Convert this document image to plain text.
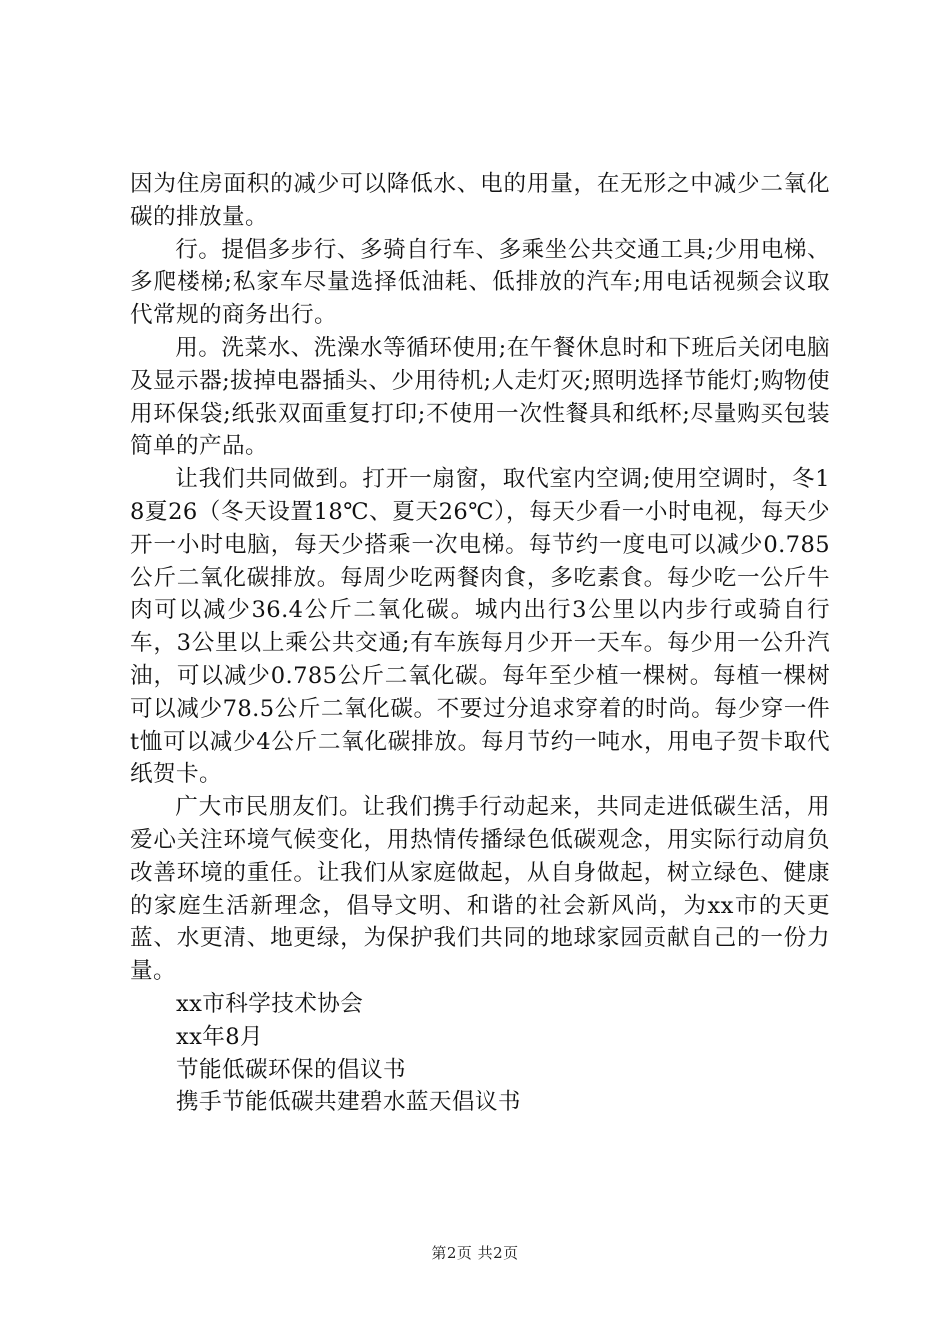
因为住房面积的减少可以降低水、电的用量，在无形之中减少二氧化碳的排放量。

行。提倡多步行、多骑自行车、多乘坐公共交通工具;少用电梯、多爬楼梯;私家车尽量选择低油耗、低排放的汽车;用电话视频会议取代常规的商务出行。

用。洗菜水、洗澡水等循环使用;在午餐休息时和下班后关闭电脑及显示器;拔掉电器插头、少用待机;人走灯灭;照明选择节能灯;购物使用环保袋;纸张双面重复打印;不使用一次性餐具和纸杯;尽量购买包装简单的产品。

让我们共同做到。打开一扇窗，取代室内空调;使用空调时，冬18夏26（冬天设置18℃、夏天26℃），每天少看一小时电视，每天少开一小时电脑，每天少搭乘一次电梯。每节约一度电可以减少0.785公斤二氧化碳排放。每周少吃两餐肉食，多吃素食。每少吃一公斤牛肉可以减少36.4公斤二氧化碳。城内出行3公里以内步行或骑自行车，3公里以上乘公共交通;有车族每月少开一天车。每少用一公升汽油，可以减少0.785公斤二氧化碳。每年至少植一棵树。每植一棵树可以减少78.5公斤二氧化碳。不要过分追求穿着的时尚。每少穿一件t恤可以减少4公斤二氧化碳排放。每月节约一吨水，用电子贺卡取代纸贺卡。

广大市民朋友们。让我们携手行动起来，共同走进低碳生活，用爱心关注环境气候变化，用热情传播绿色低碳观念，用实际行动肩负改善环境的重任。让我们从家庭做起，从自身做起，树立绿色、健康的家庭生活新理念，倡导文明、和谐的社会新风尚，为xx市的天更蓝、水更清、地更绿，为保护我们共同的地球家园贡献自己的一份力量。

xx市科学技术协会

xx年8月

节能低碳环保的倡议书

携手节能低碳共建碧水蓝天倡议书

第2页 共2页
